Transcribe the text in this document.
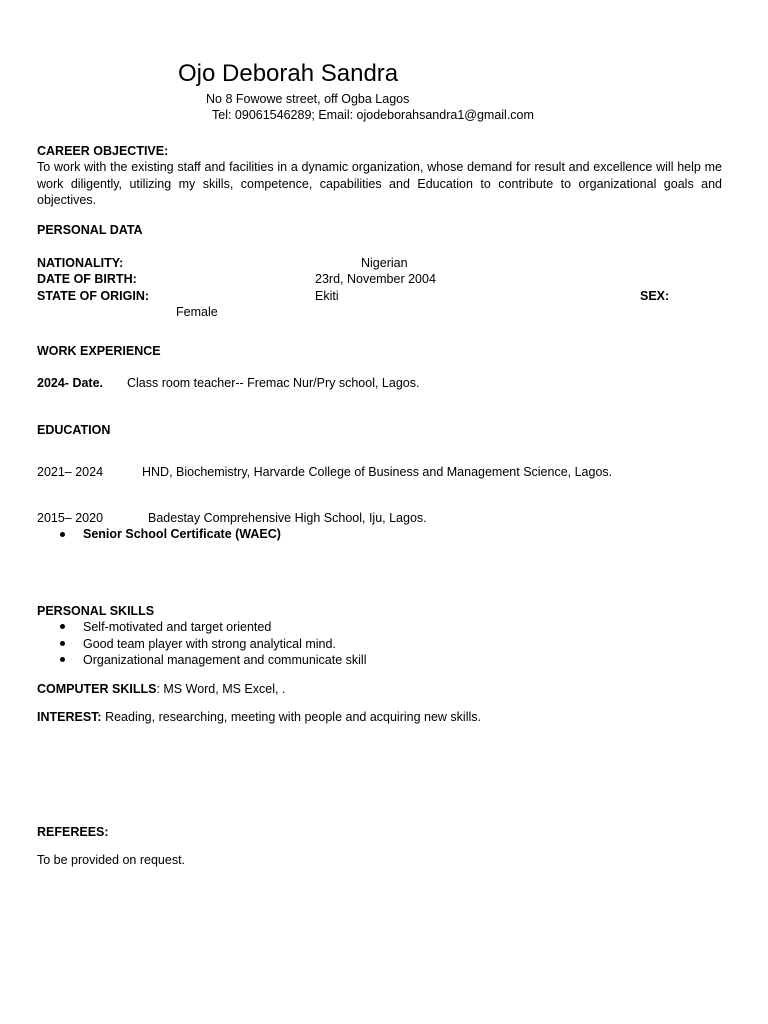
Ojo Deborah Sandra
No 8 Fowowe street, off Ogba Lagos
Tel: 09061546289; Email: ojodeborahsandra1@gmail.com
CAREER OBJECTIVE:
To work with the existing staff and facilities in a dynamic organization, whose demand for result and excellence will help me work diligently, utilizing my skills, competence, capabilities and Education to contribute to organizational goals and objectives.
PERSONAL DATA
NATIONALITY:	Nigerian
DATE OF BIRTH:	23rd, November 2004
STATE OF ORIGIN:	Ekiti	SEX:
Female
WORK EXPERIENCE
2024- Date. Class room teacher-- Fremac Nur/Pry school, Lagos.
EDUCATION
2021– 2024	HND, Biochemistry, Harvarde College of Business and Management Science, Lagos.
2015– 2020	Badestay Comprehensive High School, Iju, Lagos.
Senior School Certificate (WAEC)
PERSONAL SKILLS
Self-motivated and target oriented
Good team player with strong analytical mind.
Organizational management and communicate skill
COMPUTER SKILLS: MS Word, MS Excel, .
INTEREST: Reading, researching, meeting with people and acquiring new skills.
REFEREES:
To be provided on request.
